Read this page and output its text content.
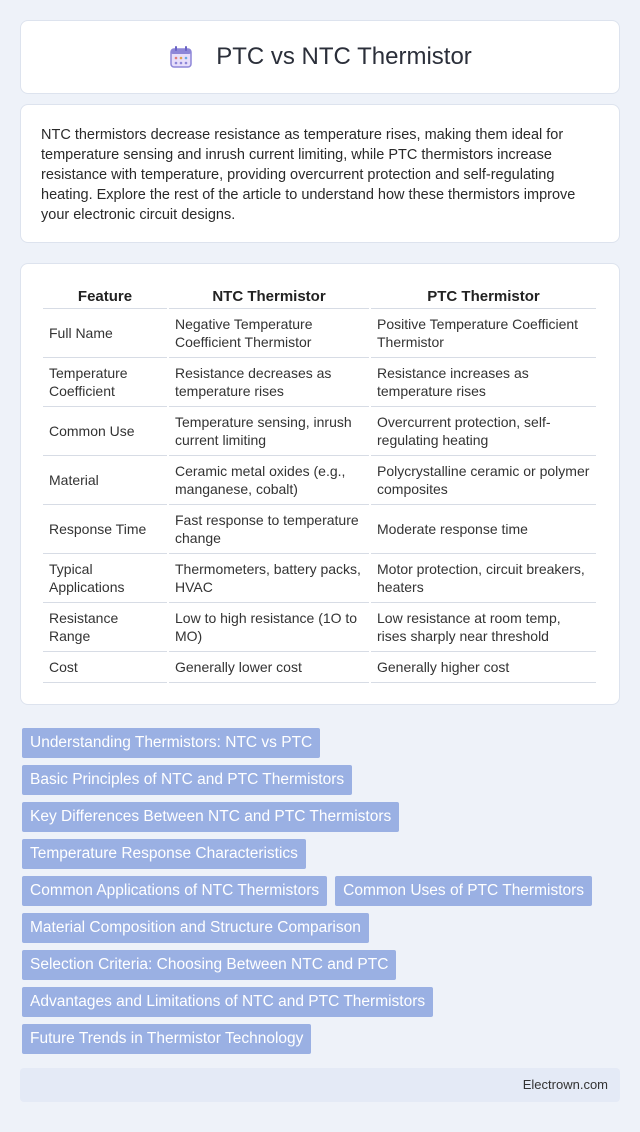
PTC vs NTC Thermistor

NTC thermistors decrease resistance as temperature rises, making them ideal for temperature sensing and inrush current limiting, while PTC thermistors increase resistance with temperature, providing overcurrent protection and self-regulating heating. Explore the rest of the article to understand how these thermistors improve your electronic circuit designs.

Feature	NTC Thermistor	PTC Thermistor
Full Name	Negative Temperature Coefficient Thermistor	Positive Temperature Coefficient Thermistor
Temperature Coefficient	Resistance decreases as temperature rises	Resistance increases as temperature rises
Common Use	Temperature sensing, inrush current limiting	Overcurrent protection, self-regulating heating
Material	Ceramic metal oxides (e.g., manganese, cobalt)	Polycrystalline ceramic or polymer composites
Response Time	Fast response to temperature change	Moderate response time
Typical Applications	Thermometers, battery packs, HVAC	Motor protection, circuit breakers, heaters
Resistance Range	Low to high resistance (1O to MO)	Low resistance at room temp, rises sharply near threshold
Cost	Generally lower cost	Generally higher cost
Understanding Thermistors: NTC vs PTC
Basic Principles of NTC and PTC Thermistors
Key Differences Between NTC and PTC Thermistors
Temperature Response Characteristics
Common Applications of NTC Thermistors	Common Uses of PTC Thermistors
Material Composition and Structure Comparison
Selection Criteria: Choosing Between NTC and PTC
Advantages and Limitations of NTC and PTC Thermistors
Future Trends in Thermistor Technology
Electrown.com
